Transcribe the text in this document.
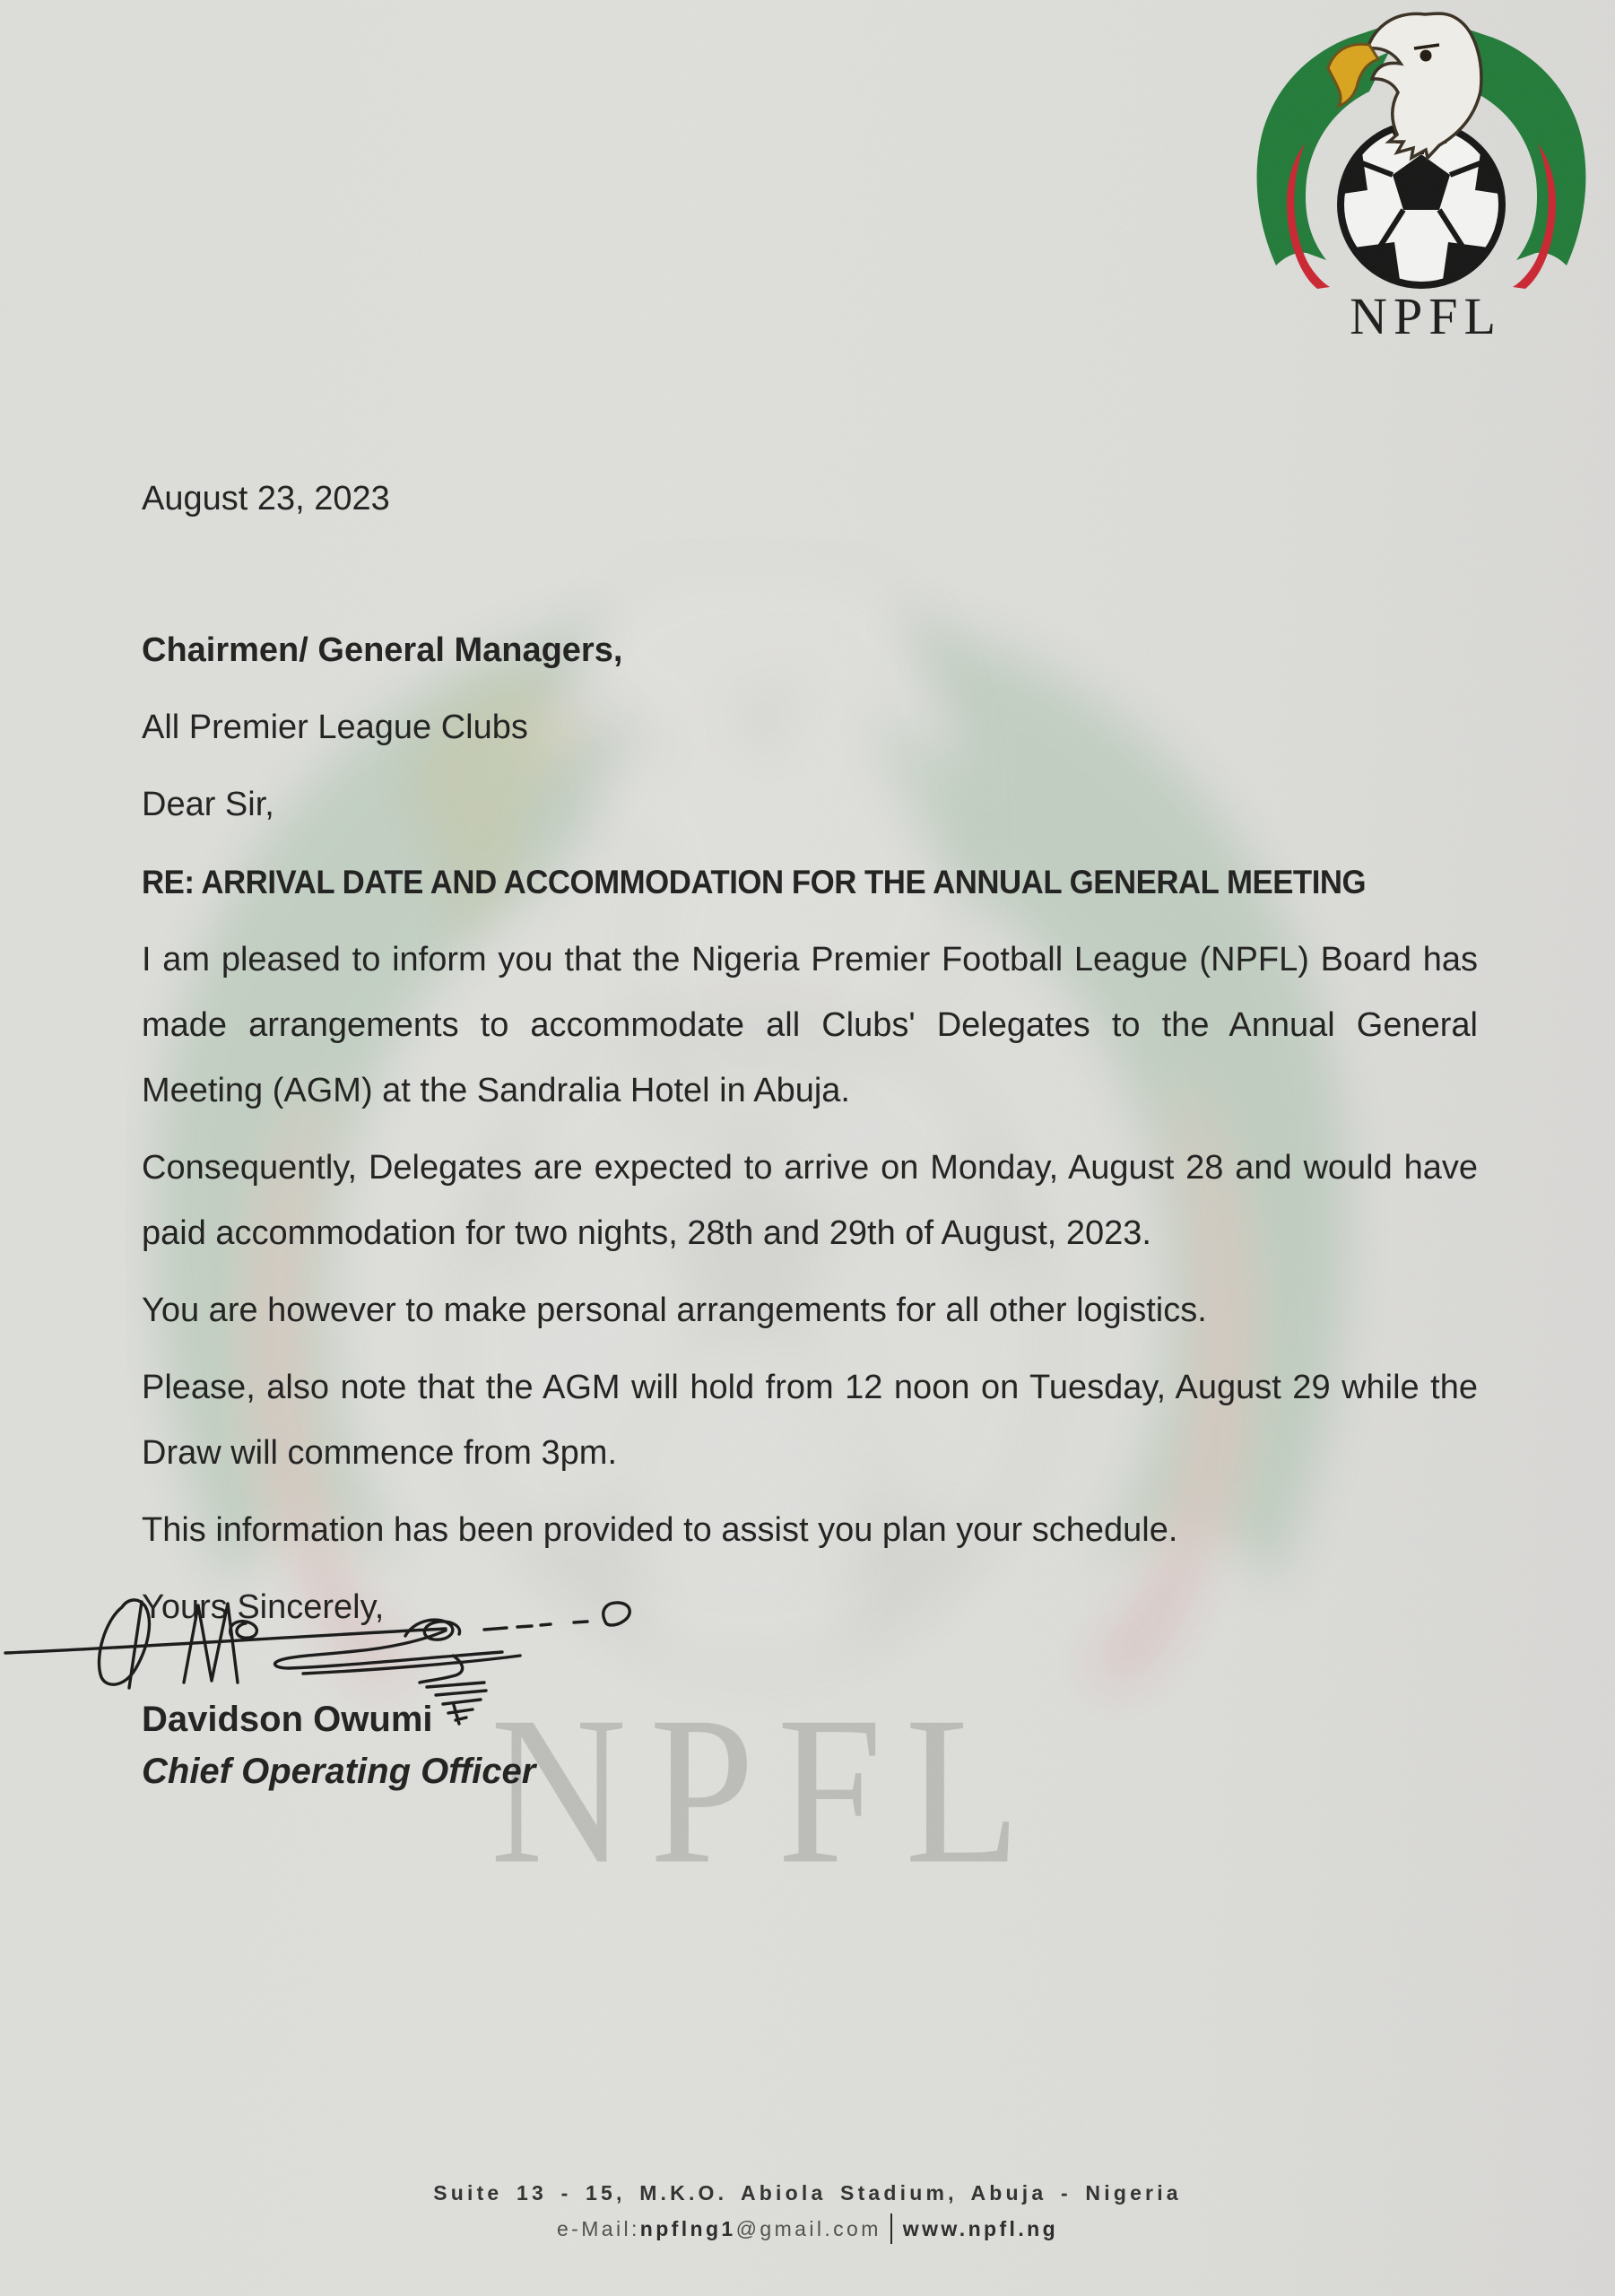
August 23, 2023
Chairmen/ General Managers,
All Premier League Clubs
Dear Sir,
RE: ARRIVAL DATE AND ACCOMMODATION FOR THE ANNUAL GENERAL MEETING

I am pleased to inform you that the Nigeria Premier Football League (NPFL) Board has made arrangements to accommodate all Clubs' Delegates to the Annual General Meeting (AGM) at the Sandralia Hotel in Abuja.

Consequently, Delegates are expected to arrive on Monday, August 28 and would have paid accommodation for two nights, 28th and 29th of August, 2023.

You are however to make personal arrangements for all other logistics.

Please, also note that the AGM will hold from 12 noon on Tuesday, August 29 while the Draw will commence from 3pm.

This information has been provided to assist you plan your schedule.

Yours Sincerely,
Davidson Owumi
Chief Operating Officer
Suite 13 - 15, M.K.O. Abiola Stadium, Abuja - Nigeria
e-Mail:npflng1@gmail.com www.npfl.ng
